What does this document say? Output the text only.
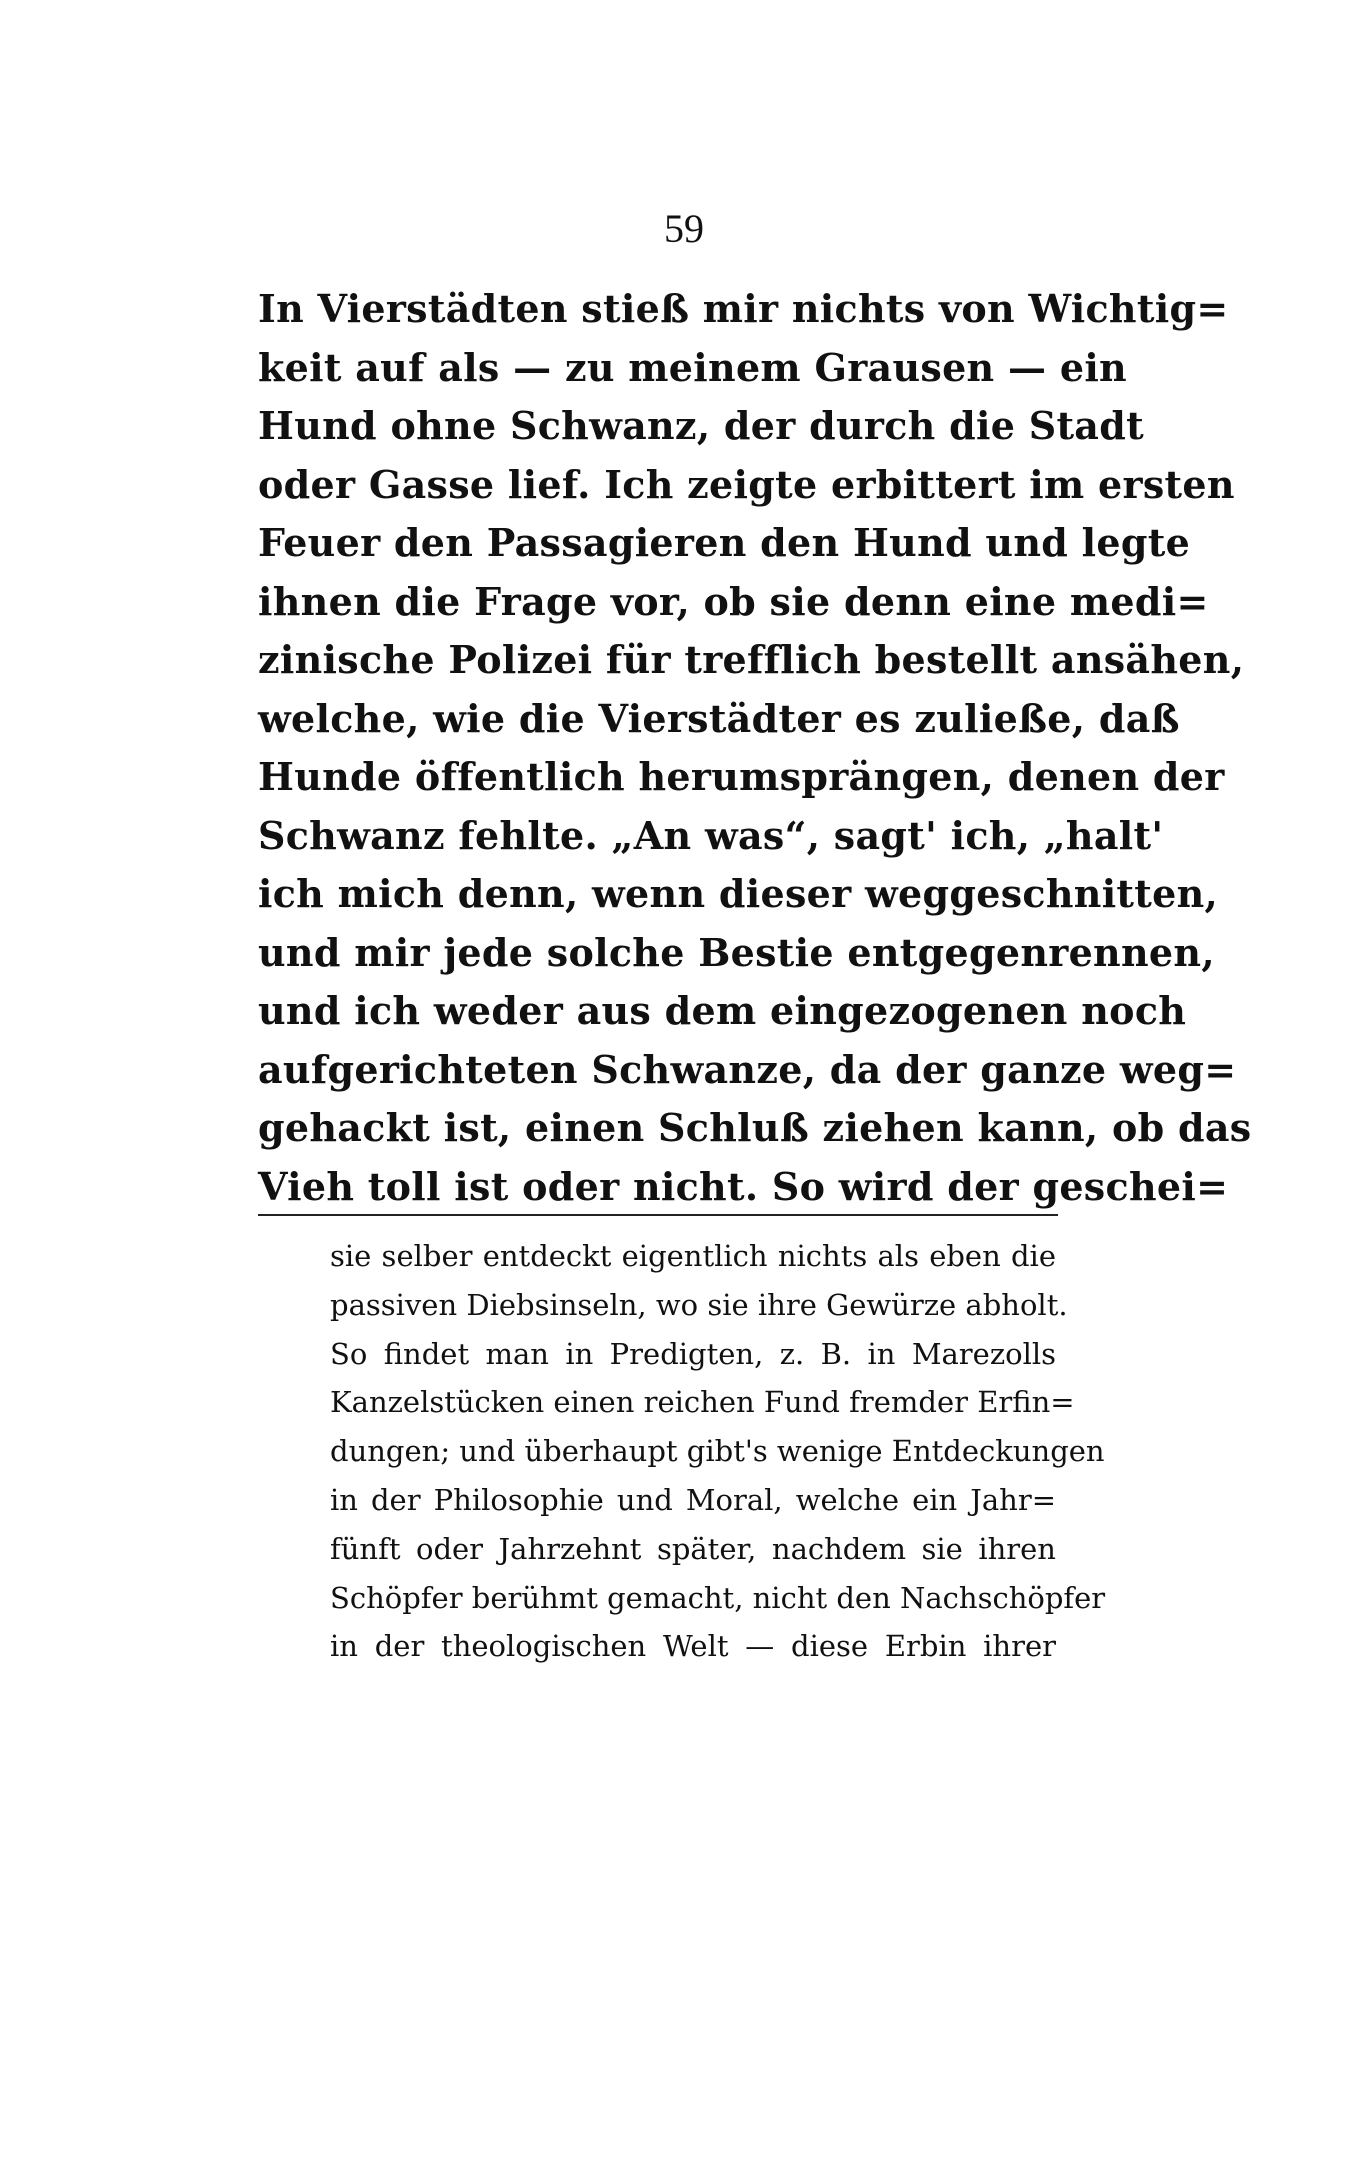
59
In Vierstädten stieß mir nichts von Wichtig=
keit auf als — zu meinem Grausen — ein
Hund ohne Schwanz, der durch die Stadt
oder Gasse lief. Ich zeigte erbittert im ersten
Feuer den Passagieren den Hund und legte
ihnen die Frage vor, ob sie denn eine medi=
zinische Polizei für trefflich bestellt ansähen,
welche, wie die Vierstädter es zuließe, daß
Hunde öffentlich herumsprängen, denen der
Schwanz fehlte. „An was“, sagt' ich, „halt'
ich mich denn, wenn dieser weggeschnitten,
und mir jede solche Bestie entgegenrennen,
und ich weder aus dem eingezogenen noch
aufgerichteten Schwanze, da der ganze weg=
gehackt ist, einen Schluß ziehen kann, ob das
Vieh toll ist oder nicht. So wird der geschei=
sie selber entdeckt eigentlich nichts als eben die
passiven Diebsinseln, wo sie ihre Gewürze abholt.
So findet man in Predigten, z. B. in Marezolls
Kanzelstücken einen reichen Fund fremder Erfin=
dungen; und überhaupt gibt's wenige Entdeckungen
in der Philosophie und Moral, welche ein Jahr=
fünft oder Jahrzehnt später, nachdem sie ihren
Schöpfer berühmt gemacht, nicht den Nachschöpfer
in der theologischen Welt — diese Erbin ihrer
